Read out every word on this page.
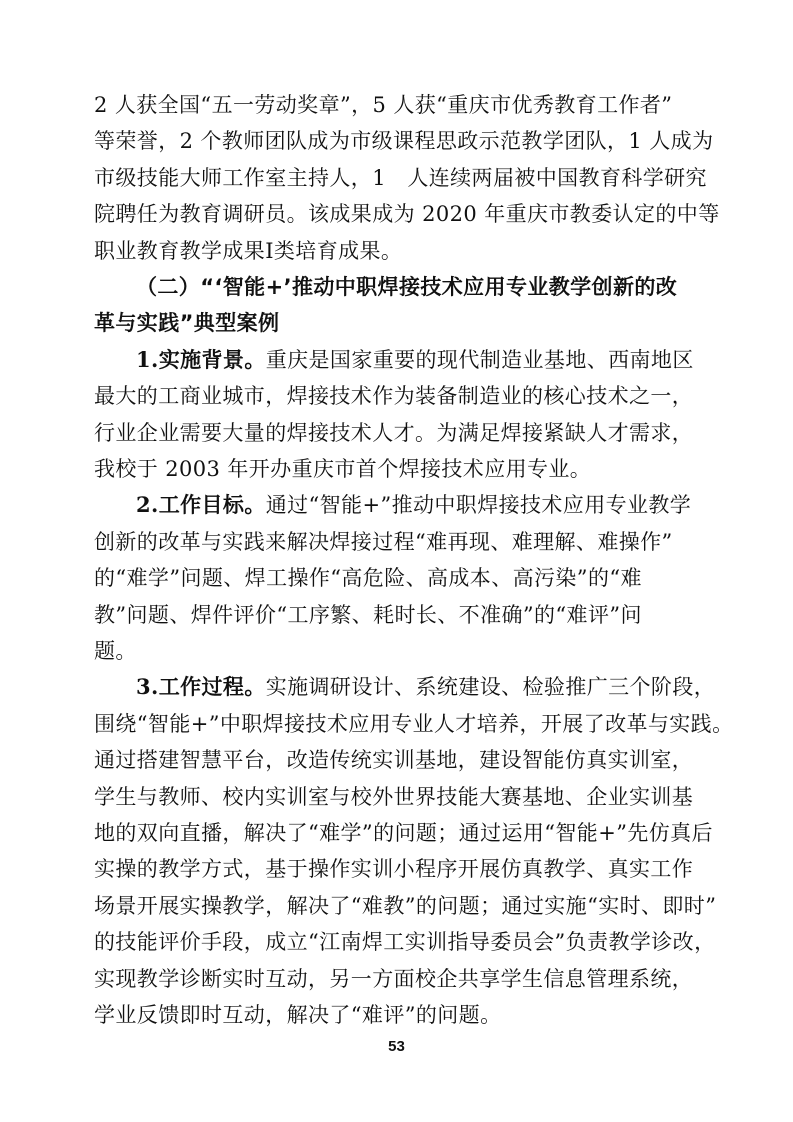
2 人获全国“五一劳动奖章”，5 人获“重庆市优秀教育工作者”
等荣誉，2 个教师团队成为市级课程思政示范教学团队，1 人成为
市级技能大师工作室主持人，1　人连续两届被中国教育科学研究
院聘任为教育调研员。该成果成为 2020 年重庆市教委认定的中等
职业教育教学成果Ⅰ类培育成果。
（二）“‘智能+’推动中职焊接技术应用专业教学创新的改
革与实践”典型案例
1.实施背景。重庆是国家重要的现代制造业基地、西南地区
最大的工商业城市，焊接技术作为装备制造业的核心技术之一，
行业企业需要大量的焊接技术人才。为满足焊接紧缺人才需求，
我校于 2003 年开办重庆市首个焊接技术应用专业。
2.工作目标。通过“智能+”推动中职焊接技术应用专业教学
创新的改革与实践来解决焊接过程“难再现、难理解、难操作”
的“难学”问题、焊工操作“高危险、高成本、高污染”的“难
教”问题、焊件评价“工序繁、耗时长、不准确”的“难评”问
题。
3.工作过程。实施调研设计、系统建设、检验推广三个阶段，
围绕“智能+”中职焊接技术应用专业人才培养，开展了改革与实践。
通过搭建智慧平台，改造传统实训基地，建设智能仿真实训室，
学生与教师、校内实训室与校外世界技能大赛基地、企业实训基
地的双向直播，解决了“难学”的问题；通过运用“智能+”先仿真后
实操的教学方式，基于操作实训小程序开展仿真教学、真实工作
场景开展实操教学，解决了“难教”的问题；通过实施“实时、即时”
的技能评价手段，成立“江南焊工实训指导委员会”负责教学诊改，
实现教学诊断实时互动，另一方面校企共享学生信息管理系统，
学业反馈即时互动，解决了“难评”的问题。
53
